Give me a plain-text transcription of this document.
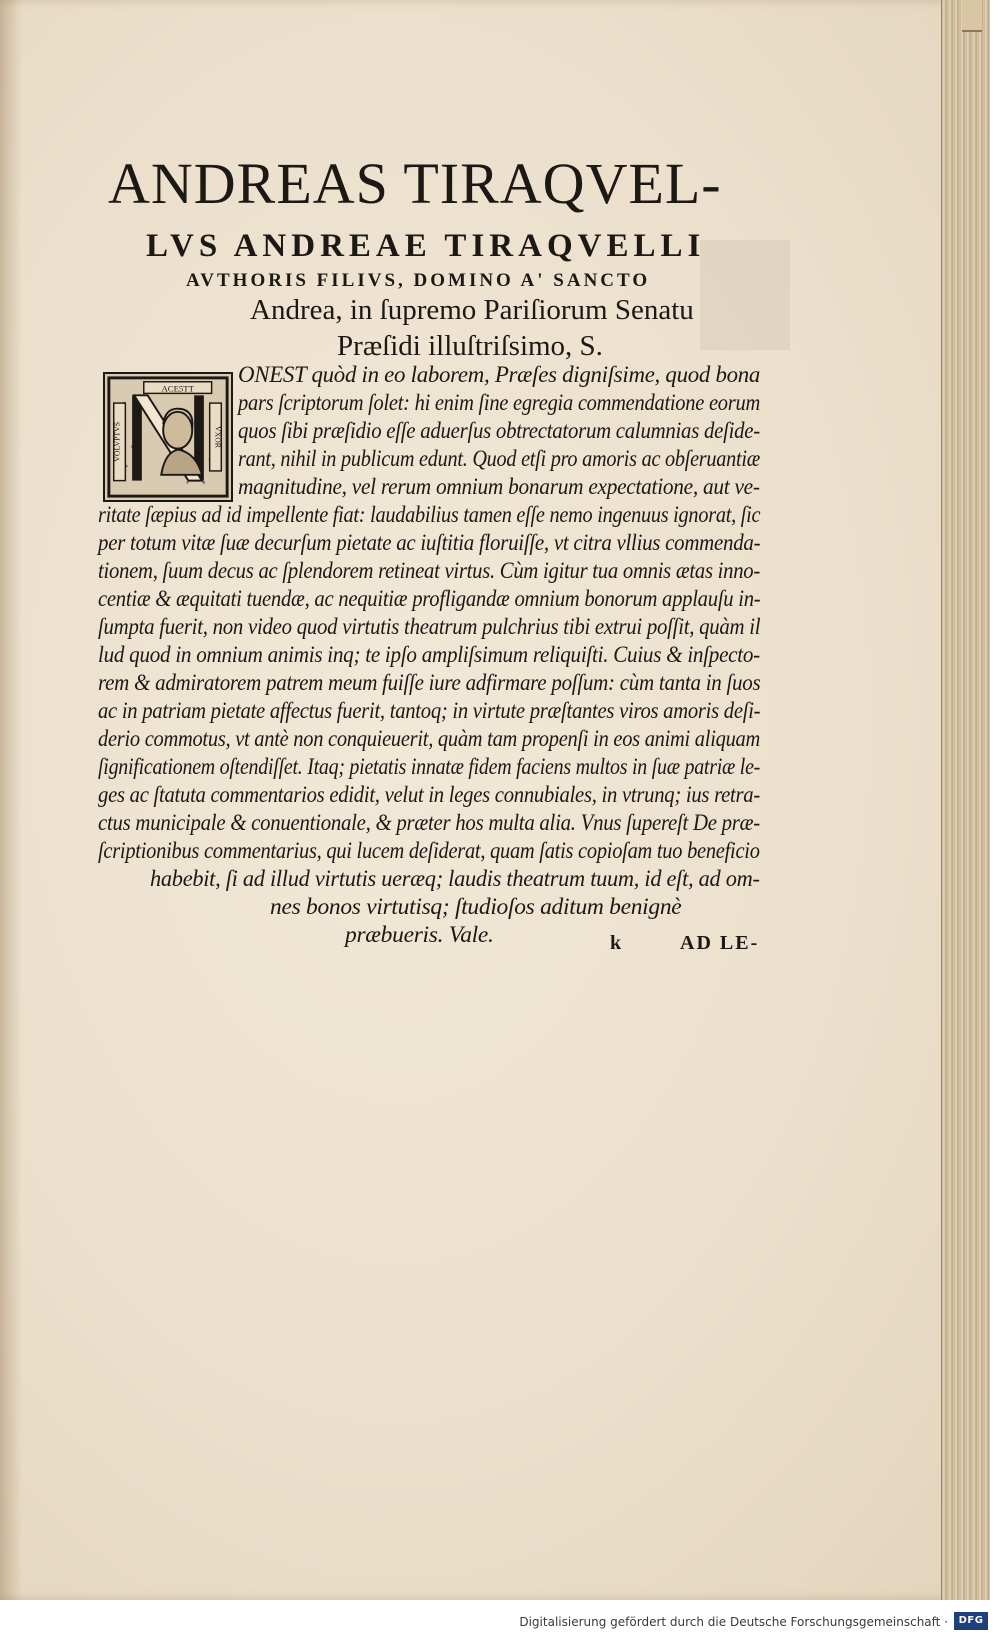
ANDREAS TIRAQVEL-
LVS ANDREAE TIRAQVELLI
AVTHORIS FILIVS, DOMINO A' SANCTO
Andrea, in ſupremo Pariſiorum Senatu
Præſidi illuſtriſsimo, S.
ACE5TT
VXOR
VOLVPTVS
ONEST quòd in eo laborem, Præſes digniſsime, quod bona
pars ſcriptorum ſolet: hi enim ſine egregia commendatione eorum
quos ſibi præſidio eſſe aduerſus obtrectatorum calumnias deſide-
rant, nihil in publicum edunt. Quod etſi pro amoris ac obſeruantiæ
magnitudine, vel rerum omnium bonarum expectatione, aut ve-
ritate ſæpius ad id impellente fiat: laudabilius tamen eſſe nemo ingenuus ignorat, ſic
per totum vitæ ſuæ decurſum pietate ac iuſtitia floruiſſe, vt citra vllius commenda-
tionem, ſuum decus ac ſplendorem retineat virtus. Cùm igitur tua omnis ætas inno-
centiæ & æquitati tuendæ, ac nequitiæ profligandæ omnium bonorum applauſu in-
ſumpta fuerit, non video quod virtutis theatrum pulchrius tibi extrui poſſit, quàm il
lud quod in omnium animis inq; te ipſo ampliſsimum reliquiſti. Cuius & inſpecto-
rem & admiratorem patrem meum fuiſſe iure adfirmare poſſum: cùm tanta in ſuos
ac in patriam pietate affectus fuerit, tantoq; in virtute præſtantes viros amoris deſi-
derio commotus, vt antè non conquieuerit, quàm tam propenſi in eos animi aliquam
ſignificationem oſtendiſſet. Itaq; pietatis innatæ fidem faciens multos in ſuæ patriæ le-
ges ac ſtatuta commentarios edidit, velut in leges connubiales, in vtrunq; ius retra-
ctus municipale & conuentionale, & præter hos multa alia. Vnus ſupereſt De præ-
ſcriptionibus commentarius, qui lucem deſiderat, quam ſatis copioſam tuo beneficio
habebit, ſi ad illud virtutis ueræq; laudis theatrum tuum, id eſt, ad om-
nes bonos virtutisq; ſtudioſos aditum benignè
præbueris. Vale.	k	AD LE-
Digitalisierung gefördert durch die Deutsche Forschungsgemeinschaft ·	DFG
